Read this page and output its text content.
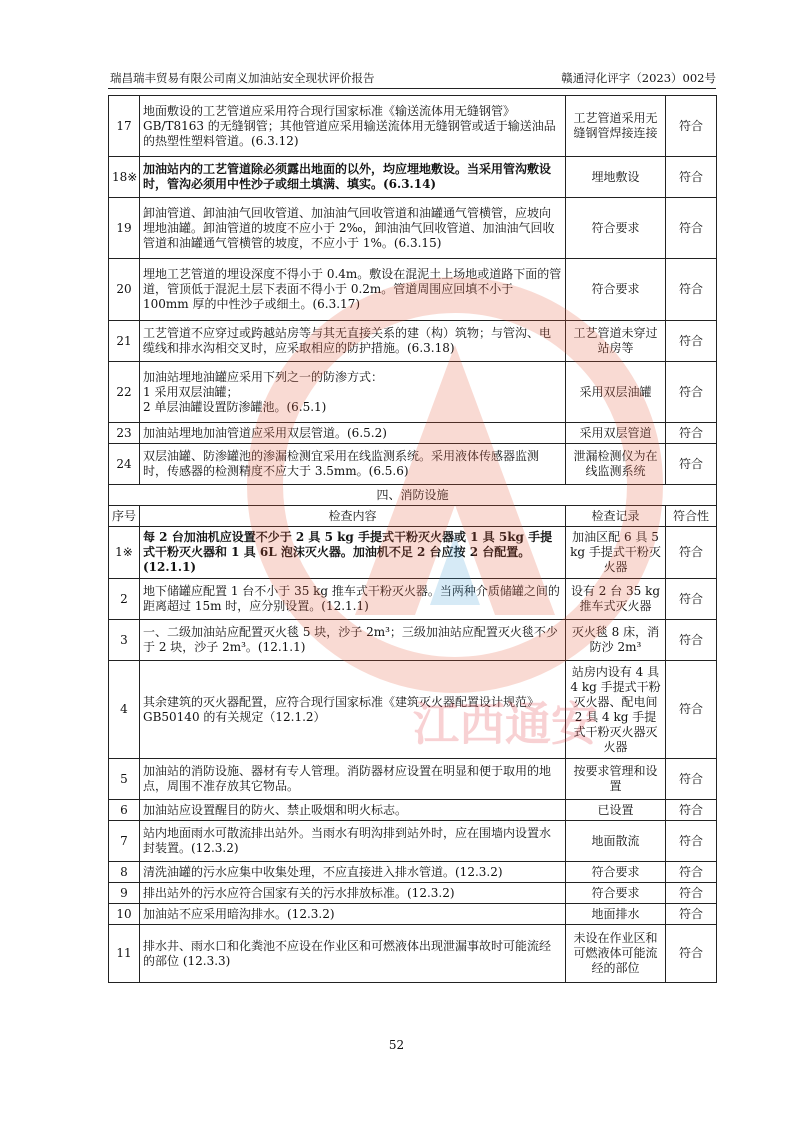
瑞昌瑞丰贸易有限公司南义加油站安全现状评价报告	赣通浔化评字（2023）002号
17	地面敷设的工艺管道应采用符合现行国家标准《输送流体用无缝钢管》GB/T8163 的无缝钢管；其他管道应采用输送流体用无缝钢管或适于输送油品的热塑性塑料管道。(6.3.12)	工艺管道采用无缝钢管焊接连接	符合
18※	加油站内的工艺管道除必须露出地面的以外，均应埋地敷设。当采用管沟敷设时，管沟必须用中性沙子或细土填满、填实。(6.3.14)	埋地敷设	符合
19	卸油管道、卸油油气回收管道、加油油气回收管道和油罐通气管横管，应坡向埋地油罐。卸油管道的坡度不应小于 2‰，卸油油气回收管道、加油油气回收管道和油罐通气管横管的坡度，不应小于 1%。(6.3.15)	符合要求	符合
20	埋地工艺管道的埋设深度不得小于 0.4m。敷设在混泥土上场地或道路下面的管道，管顶低于混泥土层下表面不得小于 0.2m。管道周围应回填不小于 100mm 厚的中性沙子或细土。(6.3.17)	符合要求	符合
21	工艺管道不应穿过或跨越站房等与其无直接关系的建（构）筑物；与管沟、电缆线和排水沟相交叉时，应采取相应的防护措施。(6.3.18)	工艺管道未穿过站房等	符合
22	加油站埋地油罐应采用下列之一的防渗方式：
1 采用双层油罐；
2 单层油罐设置防渗罐池。(6.5.1)	采用双层油罐	符合
23	加油站埋地加油管道应采用双层管道。(6.5.2)	采用双层管道	符合
24	双层油罐、防渗罐池的渗漏检测宜采用在线监测系统。采用液体传感器监测时，传感器的检测精度不应大于 3.5mm。(6.5.6)	泄漏检测仪为在线监测系统	符合
四、消防设施			
序号	检查内容	检查记录	符合性
1※	每 2 台加油机应设置不少于 2 具 5 kg 手提式干粉灭火器或 1 具 5kg 手提式干粉灭火器和 1 具 6L 泡沫灭火器。加油机不足 2 台应按 2 台配置。(12.1.1)	加油区配 6 具 5 kg 手提式干粉灭火器	符合
2	地下储罐应配置 1 台不小于 35 kg 推车式干粉灭火器。当两种介质储罐之间的距离超过 15m 时，应分别设置。(12.1.1)	设有 2 台 35 kg 推车式灭火器	符合
3	一、二级加油站应配置灭火毯 5 块，沙子 2m³；三级加油站应配置灭火毯不少于 2 块，沙子 2m³。(12.1.1)	灭火毯 8 床，消防沙 2m³	符合
4	其余建筑的灭火器配置，应符合现行国家标准《建筑灭火器配置设计规范》GB50140 的有关规定（12.1.2）	站房内设有 4 具 4 kg 手提式干粉灭火器、配电间 2 具 4 kg 手提式干粉灭火器灭火器	符合
5	加油站的消防设施、器材有专人管理。消防器材应设置在明显和便于取用的地点，周围不准存放其它物品。	按要求管理和设置	符合
6	加油站应设置醒目的防火、禁止吸烟和明火标志。	已设置	符合
7	站内地面雨水可散流排出站外。当雨水有明沟排到站外时，应在围墙内设置水封装置。(12.3.2)	地面散流	符合
8	清洗油罐的污水应集中收集处理，不应直接进入排水管道。(12.3.2)	符合要求	符合
9	排出站外的污水应符合国家有关的污水排放标准。(12.3.2)	符合要求	符合
10	加油站不应采用暗沟排水。(12.3.2)	地面排水	符合
11	排水井、雨水口和化粪池不应设在作业区和可燃液体出现泄漏事故时可能流经的部位 (12.3.3)	未设在作业区和可燃液体可能流经的部位	符合
江西通安
52
